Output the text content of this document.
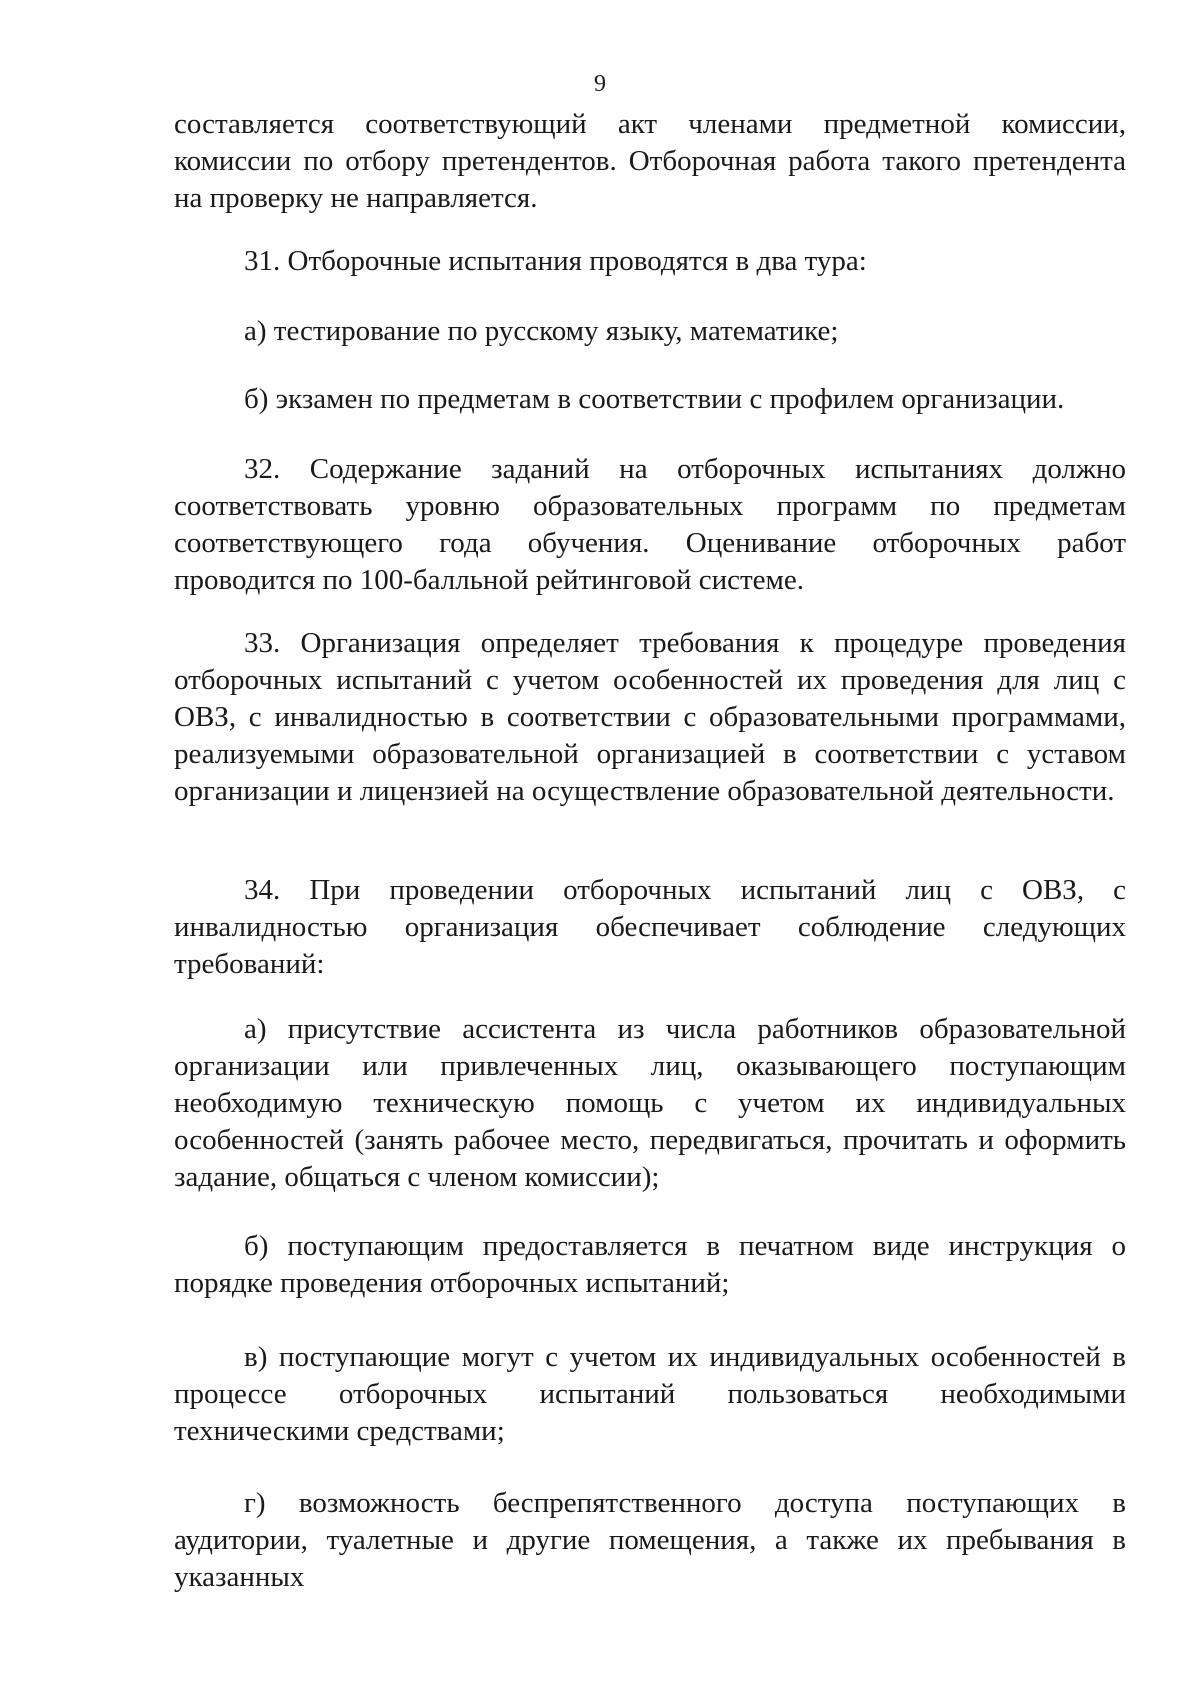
9

составляется соответствующий акт членами предметной комиссии, комиссии по отбору претендентов. Отборочная работа такого претендента на проверку не направляется.

31. Отборочные испытания проводятся в два тура:

а) тестирование по русскому языку, математике;

б) экзамен по предметам в соответствии с профилем организации.

32. Содержание заданий на отборочных испытаниях должно соответствовать уровню образовательных программ по предметам соответствующего года обучения. Оценивание отборочных работ проводится по 100-балльной рейтинговой системе.

33. Организация определяет требования к процедуре проведения отборочных испытаний с учетом особенностей их проведения для лиц с ОВЗ, с инвалидностью в соответствии с образовательными программами, реализуемыми образовательной организацией в соответствии с уставом организации и лицензией на осуществление образовательной деятельности.

34. При проведении отборочных испытаний лиц с ОВЗ, с инвалидностью организация обеспечивает соблюдение следующих требований:

а) присутствие ассистента из числа работников образовательной организации или привлеченных лиц, оказывающего поступающим необходимую техническую помощь с учетом их индивидуальных особенностей (занять рабочее место, передвигаться, прочитать и оформить задание, общаться с членом комиссии);

б) поступающим предоставляется в печатном виде инструкция о порядке проведения отборочных испытаний;

в) поступающие могут с учетом их индивидуальных особенностей в процессе отборочных испытаний пользоваться необходимыми техническими средствами;

г) возможность беспрепятственного доступа поступающих в аудитории, туалетные и другие помещения, а также их пребывания в указанных
